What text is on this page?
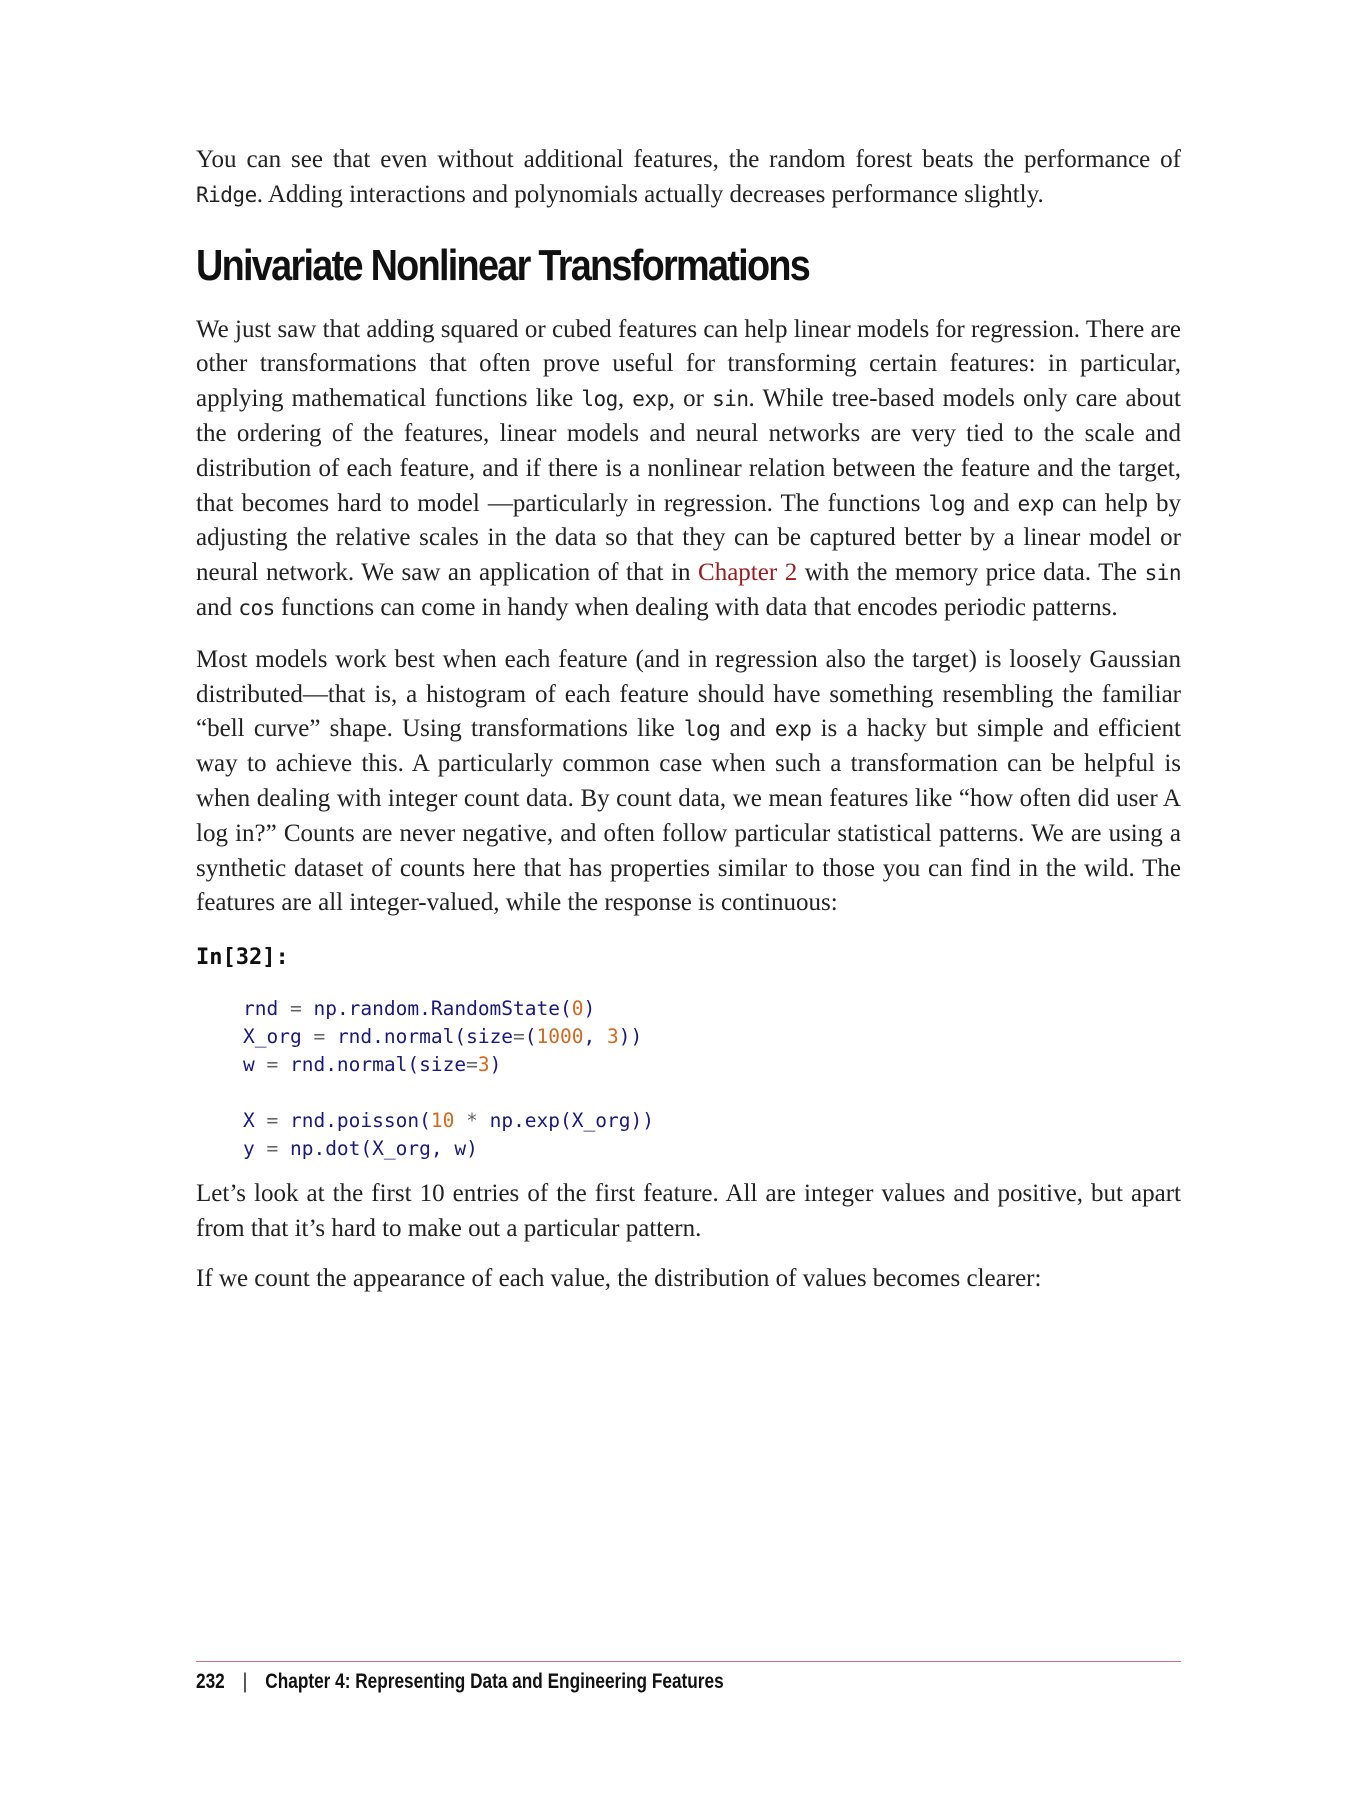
You can see that even without additional features, the random forest beats the performance of Ridge. Adding interactions and polynomials actually decreases performance slightly.

Univariate Nonlinear Transformations

We just saw that adding squared or cubed features can help linear models for regression. There are other transformations that often prove useful for transforming certain features: in particular, applying mathematical functions like log, exp, or sin. While tree-based models only care about the ordering of the features, linear models and neural networks are very tied to the scale and distribution of each feature, and if there is a nonlinear relation between the feature and the target, that becomes hard to model —particularly in regression. The functions log and exp can help by adjusting the relative scales in the data so that they can be captured better by a linear model or neural network. We saw an application of that in Chapter 2 with the memory price data. The sin and cos functions can come in handy when dealing with data that encodes periodic patterns.

Most models work best when each feature (and in regression also the target) is loosely Gaussian distributed—that is, a histogram of each feature should have something resembling the familiar “bell curve” shape. Using transformations like log and exp is a hacky but simple and efficient way to achieve this. A particularly common case when such a transformation can be helpful is when dealing with integer count data. By count data, we mean features like “how often did user A log in?” Counts are never negative, and often follow particular statistical patterns. We are using a synthetic dataset of counts here that has properties similar to those you can find in the wild. The features are all integer-valued, while the response is continuous:

In[32]:
rnd = np.random.RandomState(0)
X_org = rnd.normal(size=(1000, 3))
w = rnd.normal(size=3)

X = rnd.poisson(10 * np.exp(X_org))
y = np.dot(X_org, w)

Let’s look at the first 10 entries of the first feature. All are integer values and positive, but apart from that it’s hard to make out a particular pattern.

If we count the appearance of each value, the distribution of values becomes clearer:

232 | Chapter 4: Representing Data and Engineering Features
